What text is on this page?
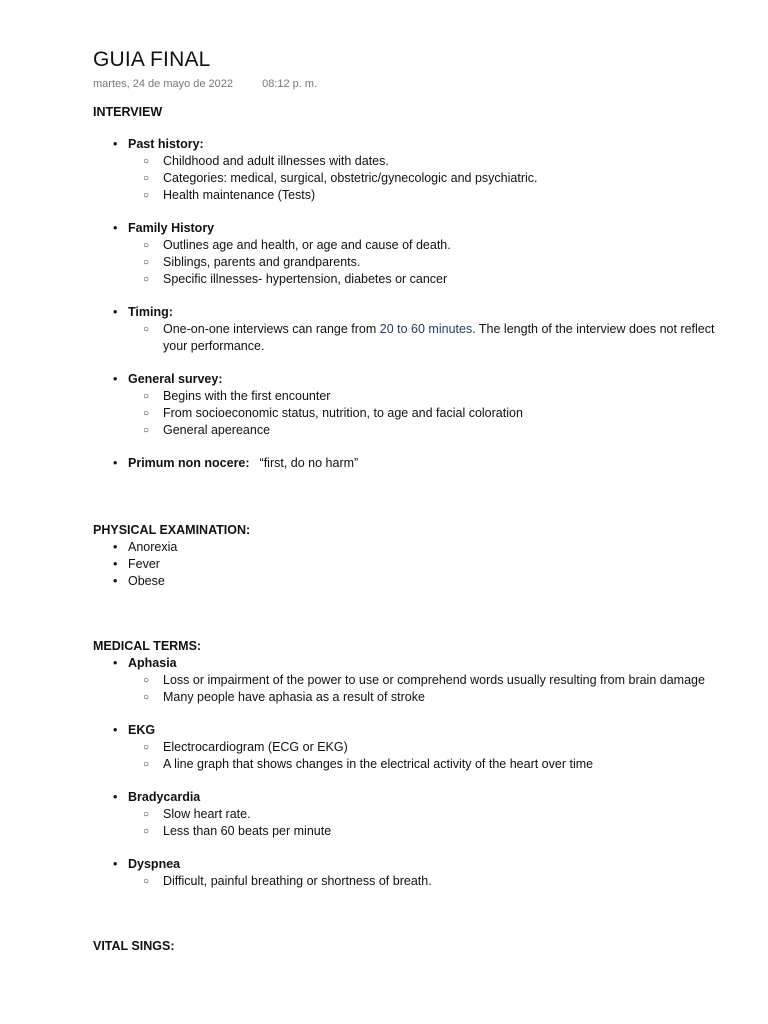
GUIA FINAL
martes, 24 de mayo de 2022	08:12 p. m.

INTERVIEW

• Past history:
○ Childhood and adult illnesses with dates.
○ Categories: medical, surgical, obstetric/gynecologic and psychiatric.
○ Health maintenance (Tests)
• Family History
○ Outlines age and health, or age and cause of death.
○ Siblings, parents and grandparents.
○ Specific illnesses- hypertension, diabetes or cancer
• Timing:
○ One-on-one interviews can range from 20 to 60 minutes. The length of the interview does not reflect your performance.
• General survey:
○ Begins with the first encounter
○ From socioeconomic status, nutrition, to age and facial coloration
○ General apereance
• Primum non nocere: “first, do no harm”

PHYSICAL EXAMINATION:

• Anorexia
• Fever
• Obese

MEDICAL TERMS:

• Aphasia
○ Loss or impairment of the power to use or comprehend words usually resulting from brain damage
○ Many people have aphasia as a result of stroke
• EKG
○ Electrocardiogram (ECG or EKG)
○ A line graph that shows changes in the electrical activity of the heart over time
• Bradycardia
○ Slow heart rate.
○ Less than 60 beats per minute
• Dyspnea
○ Difficult, painful breathing or shortness of breath.

VITAL SINGS:
